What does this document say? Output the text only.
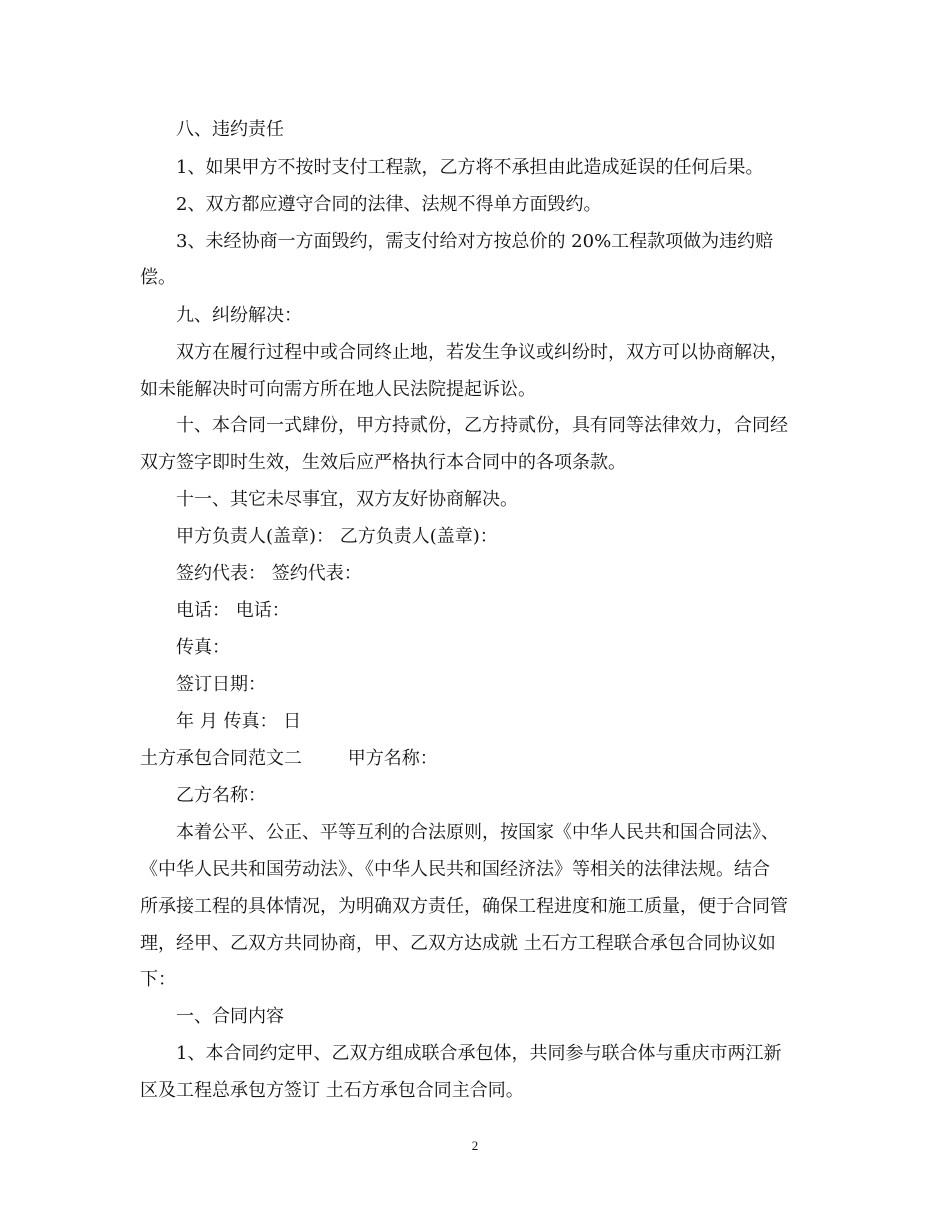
八、违约责任
1、如果甲方不按时支付工程款，乙方将不承担由此造成延误的任何后果。
2、双方都应遵守合同的法律、法规不得单方面毁约。
3、未经协商一方面毁约，需支付给对方按总价的 20%工程款项做为违约赔
偿。
九、纠纷解决：
双方在履行过程中或合同终止地，若发生争议或纠纷时，双方可以协商解决，
如未能解决时可向需方所在地人民法院提起诉讼。
十、本合同一式肆份，甲方持贰份，乙方持贰份，具有同等法律效力，合同经
双方签字即时生效，生效后应严格执行本合同中的各项条款。
十一、其它未尽事宜，双方友好协商解决。
甲方负责人(盖章)： 乙方负责人(盖章)：
签约代表： 签约代表：
电话： 电话：
传真：
签订日期：
年 月 传真： 日
土方承包合同范文二        甲方名称：
乙方名称：
本着公平、公正、平等互利的合法原则，按国家《中华人民共和国合同法》、
《中华人民共和国劳动法》、《中华人民共和国经济法》等相关的法律法规。结合
所承接工程的具体情况，为明确双方责任，确保工程进度和施工质量，便于合同管
理，经甲、乙双方共同协商，甲、乙双方达成就 土石方工程联合承包合同协议如
下：
一、合同内容
1、本合同约定甲、乙双方组成联合承包体，共同参与联合体与重庆市两江新
区及工程总承包方签订 土石方承包合同主合同。
2
